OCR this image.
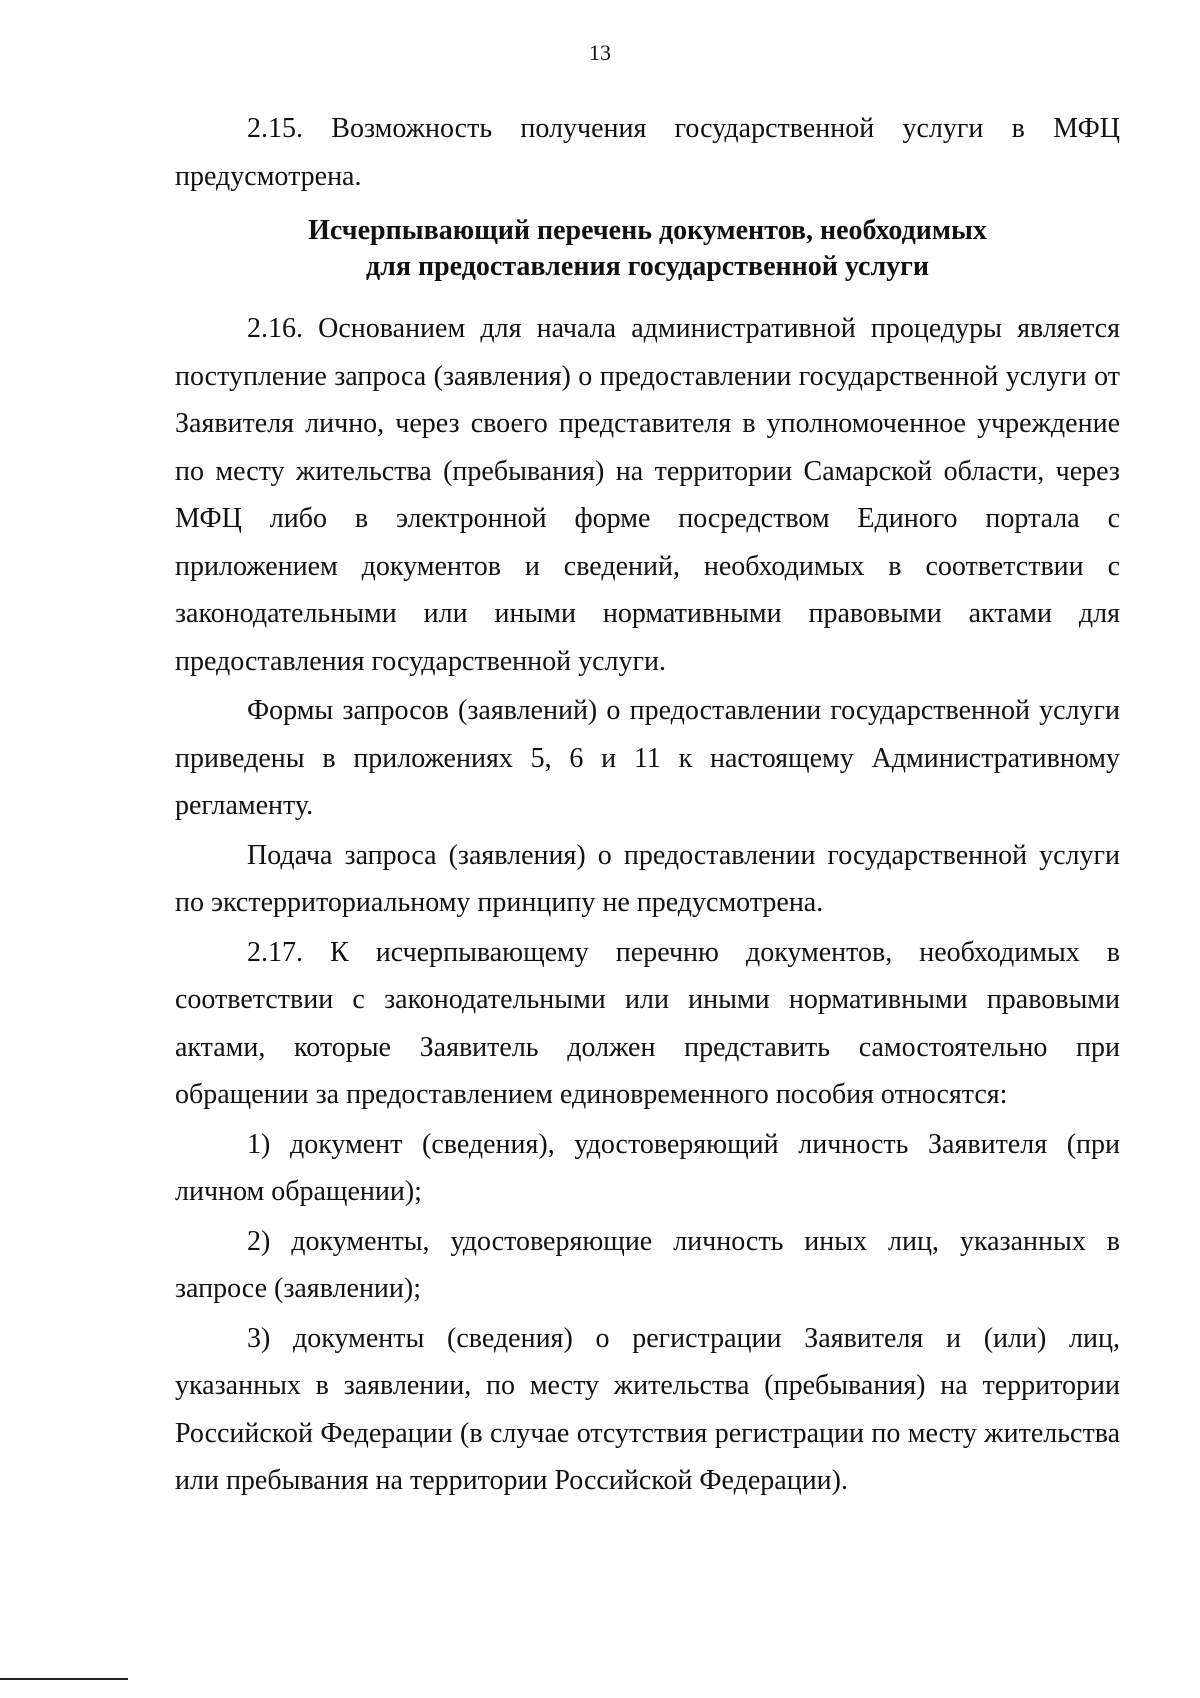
13

2.15. Возможность получения государственной услуги в МФЦ предусмотрена.

Исчерпывающий перечень документов, необходимых
для предоставления государственной услуги

2.16. Основанием для начала административной процедуры является поступление запроса (заявления) о предоставлении государственной услуги от Заявителя лично, через своего представителя в уполномоченное учреждение по месту жительства (пребывания) на территории Самарской области, через МФЦ либо в электронной форме посредством Единого портала с приложением документов и сведений, необходимых в соответствии с законодательными или иными нормативными правовыми актами для предоставления государственной услуги.

Формы запросов (заявлений) о предоставлении государственной услуги приведены в приложениях 5, 6 и 11 к настоящему Административному регламенту.

Подача запроса (заявления) о предоставлении государственной услуги по экстерриториальному принципу не предусмотрена.

2.17. К исчерпывающему перечню документов, необходимых в соответствии с законодательными или иными нормативными правовыми актами, которые Заявитель должен представить самостоятельно при обращении за предоставлением единовременного пособия относятся:

1) документ (сведения), удостоверяющий личность Заявителя (при личном обращении);

2) документы, удостоверяющие личность иных лиц, указанных в запросе (заявлении);

3) документы (сведения) о регистрации Заявителя и (или) лиц, указанных в заявлении, по месту жительства (пребывания) на территории Российской Федерации (в случае отсутствия регистрации по месту жительства или пребывания на территории Российской Федерации).
